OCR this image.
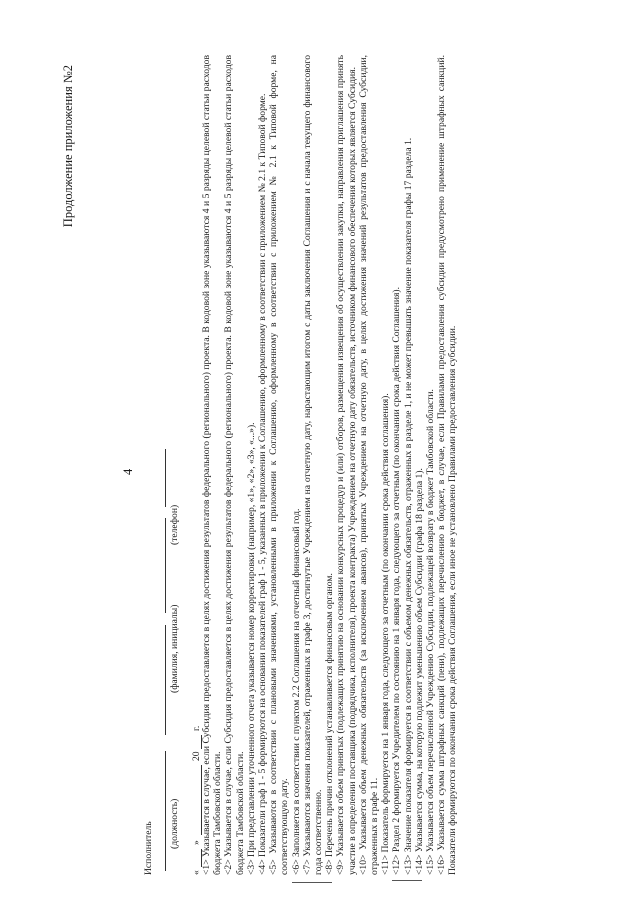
Продолжение приложения №2
4
Исполнитель (должность)
(фамилия, инициалы)
(телефон)
«
»
20
г. <1> Указывается в случае, если Субсидия предоставляется в целях достижения результатов федерального (регионального) проекта. В кодовой зоне указываются 4 и 5 разряды целевой статьи расходов бюджета Тамбовской области. <2> Указывается в случае, если Субсидия предоставляется в целях достижения результатов федерального (регионального) проекта. В кодовой зоне указываются 4 и 5 разряды целевой статьи расходов бюджета Тамбовской области. <3> При представлении уточненного отчета указывается номер корректировки (например, «1», «2», «3», «...»). <4> Показатели граф 1 - 5 формируются на основании показателей граф 1 - 5, указанных в приложении к Соглашению, оформленному в соответствии с приложением № 2.1 к Типовой форме. <5> Указываются в соответствии с плановыми значениями, установленными в приложении к Соглашению, оформленному в соответствии с приложением № 2.1 к Типовой форме, на соответствующую дату. <6> Заполняется в соответствии с пунктом 2.2 Соглашения на отчетный финансовый год. <7> Указываются значения показателей, отраженных в графе 3, достигнутые Учреждением на отчетную дату, нарастающим итогом с даты заключения Соглашения и с начала текущего финансового года соответственно. <8> Перечень причин отклонений устанавливается финансовым органом. <9> Указывается объем принятых (подлежащих принятию на основании конкурсных процедур и (или) отборов, размещения извещения об осуществлении закупки, направления приглашения принять участие в определении поставщика (подрядчика, исполнителя), проекта контракта) Учреждением на отчетную дату обязательств, источником финансового обеспечения которых является Субсидия. <10> Указывается объем денежных обязательств (за исключением авансов), принятых Учреждением на отчетную дату, в целях достижения значений результатов предоставления Субсидии, отраженных в графе 11. <11> Показатель формируется на 1 января года, следующего за отчетным (по окончании срока действия соглашения). <12> Раздел 2 формируется Учредителем по состоянию на 1 января года, следующего за отчетным (по окончании срока действия Соглашения). <13> Значение показателя формируется в соответствии с объемом денежных обязательств, отраженных в разделе 1, и не может превышать значение показателя графы 17 раздела 1. <14> Указывается сумма, на которую подлежит уменьшению объем Субсидии (графа 18 раздела 1). <15> Указывается объем перечисленной Учреждению Субсидии, подлежащей возврату в бюджет Тамбовской области. <16> Указывается сумма штрафных санкций (пени), подлежащих перечислению в бюджет, в случае, если Правилами предоставления субсидии предусмотрено применение штрафных санкций. Показатели формируются по окончании срока действия Соглашения, если иное не установлено Правилами предоставления субсидии.
